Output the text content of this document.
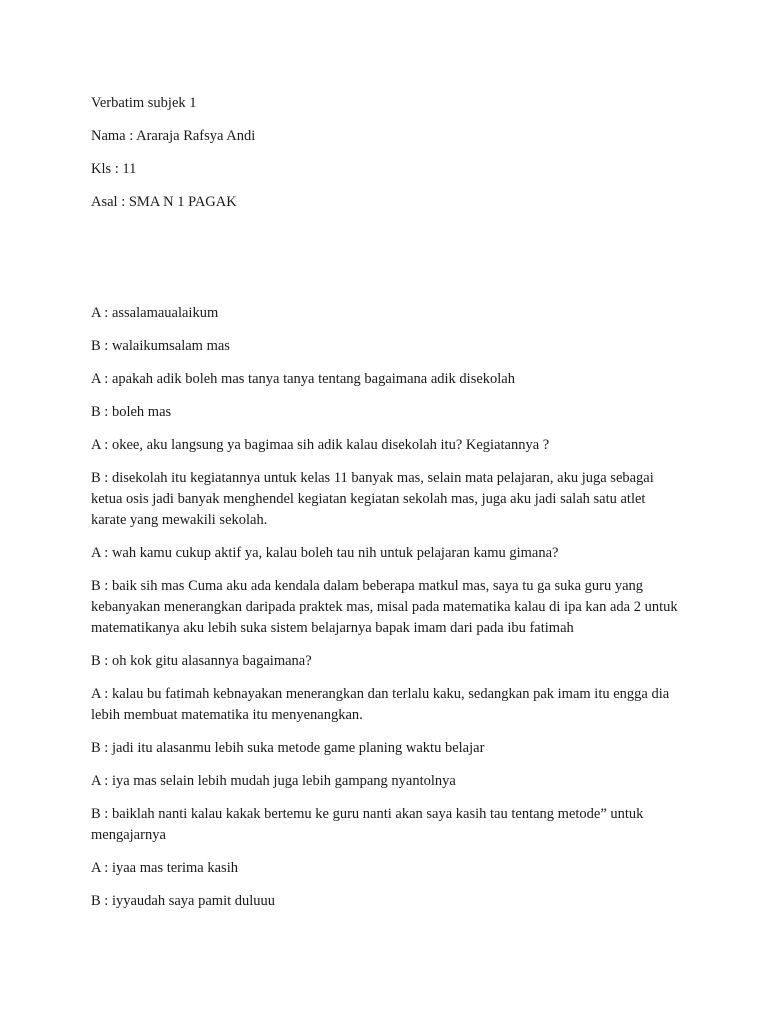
Verbatim subjek 1

Nama : Araraja Rafsya Andi

Kls : 11

Asal : SMA N 1 PAGAK

A : assalamaualaikum

B : walaikumsalam mas

A : apakah adik boleh mas tanya tanya tentang bagaimana adik disekolah

B : boleh mas

A : okee, aku langsung ya bagimaa sih adik kalau disekolah itu? Kegiatannya ?

B : disekolah itu kegiatannya untuk kelas 11 banyak mas, selain mata pelajaran, aku juga sebagai ketua osis jadi banyak menghendel kegiatan kegiatan sekolah mas, juga aku jadi salah satu atlet karate yang mewakili sekolah.

A : wah kamu cukup aktif ya, kalau boleh tau nih untuk pelajaran kamu gimana?

B : baik sih mas Cuma aku ada kendala dalam beberapa matkul mas, saya tu ga suka guru yang kebanyakan menerangkan daripada praktek mas, misal pada matematika kalau di ipa kan ada 2 untuk matematikanya aku lebih suka sistem belajarnya bapak imam dari pada ibu fatimah

B : oh kok gitu alasannya bagaimana?

A : kalau bu fatimah kebnayakan menerangkan dan terlalu kaku, sedangkan pak imam itu engga dia lebih membuat matematika itu menyenangkan.

B : jadi itu alasanmu lebih suka metode game planing waktu belajar

A : iya mas selain lebih mudah juga lebih gampang nyantolnya

B : baiklah nanti kalau kakak bertemu ke guru nanti akan saya kasih tau tentang metode” untuk mengajarnya

A : iyaa mas terima kasih

B : iyyaudah saya pamit duluuu
